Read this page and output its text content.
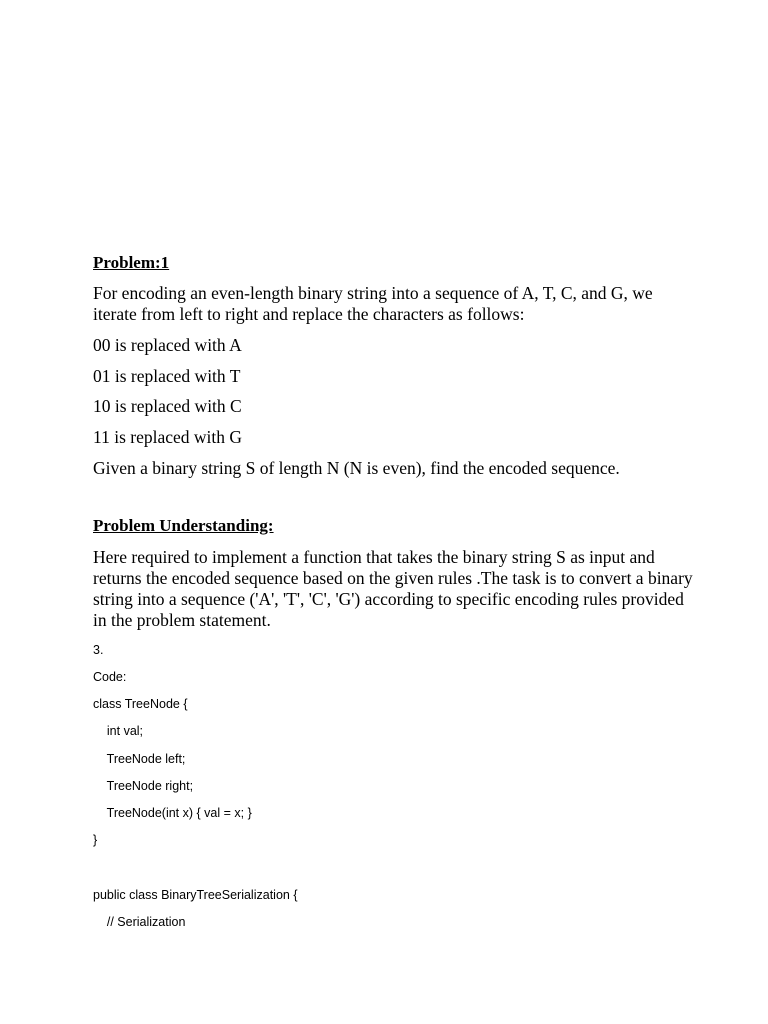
Problem:1
For encoding an even-length binary string into a sequence of A, T, C, and G, we iterate from left to right and replace the characters as follows:
00 is replaced with A
01 is replaced with T
10 is replaced with C
11 is replaced with G
Given a binary string S of length N (N is even), find the encoded sequence.
Problem Understanding:
Here required to implement a function that takes the binary string S as input and returns the encoded sequence based on the given rules .The task is to convert a binary string into a sequence ('A', 'T', 'C', 'G') according to specific encoding rules provided in the problem statement.
3.
Code:
class TreeNode {
int val;
TreeNode left;
TreeNode right;
TreeNode(int x) { val = x; }
}
public class BinaryTreeSerialization {
// Serialization
